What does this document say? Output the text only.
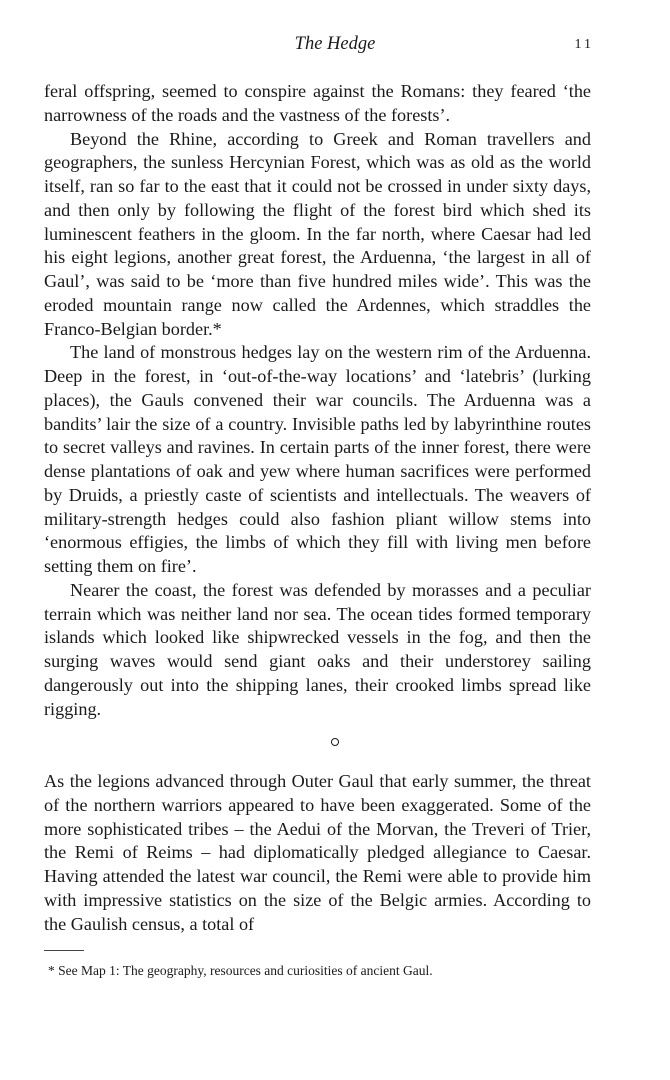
The Hedge	11

feral offspring, seemed to conspire against the Romans: they feared ‘the narrowness of the roads and the vastness of the forests’.

Beyond the Rhine, according to Greek and Roman travellers and geographers, the sunless Hercynian Forest, which was as old as the world itself, ran so far to the east that it could not be crossed in under sixty days, and then only by following the flight of the forest bird which shed its luminescent feathers in the gloom. In the far north, where Caesar had led his eight legions, another great forest, the Arduenna, ‘the largest in all of Gaul’, was said to be ‘more than five hundred miles wide’. This was the eroded mountain range now called the Ardennes, which straddles the Franco-Belgian border.*

The land of monstrous hedges lay on the western rim of the Arduenna. Deep in the forest, in ‘out-of-the-way locations’ and ‘latebris’ (lurking places), the Gauls convened their war councils. The Arduenna was a bandits’ lair the size of a country. Invisible paths led by labyrinthine routes to secret valleys and ravines. In certain parts of the inner forest, there were dense plantations of oak and yew where human sacrifices were performed by Druids, a priestly caste of scientists and intellectuals. The weavers of military-strength hedges could also fashion pliant willow stems into ‘enormous effigies, the limbs of which they fill with living men before setting them on fire’.

Nearer the coast, the forest was defended by morasses and a peculiar terrain which was neither land nor sea. The ocean tides formed temporary islands which looked like shipwrecked vessels in the fog, and then the surging waves would send giant oaks and their understorey sailing dangerously out into the shipping lanes, their crooked limbs spread like rigging.

As the legions advanced through Outer Gaul that early summer, the threat of the northern warriors appeared to have been exaggerated. Some of the more sophisticated tribes – the Aedui of the Morvan, the Treveri of Trier, the Remi of Reims – had diplomatically pledged allegiance to Caesar. Having attended the latest war council, the Remi were able to provide him with impressive statistics on the size of the Belgic armies. According to the Gaulish census, a total of

* See Map 1: The geography, resources and curiosities of ancient Gaul.
